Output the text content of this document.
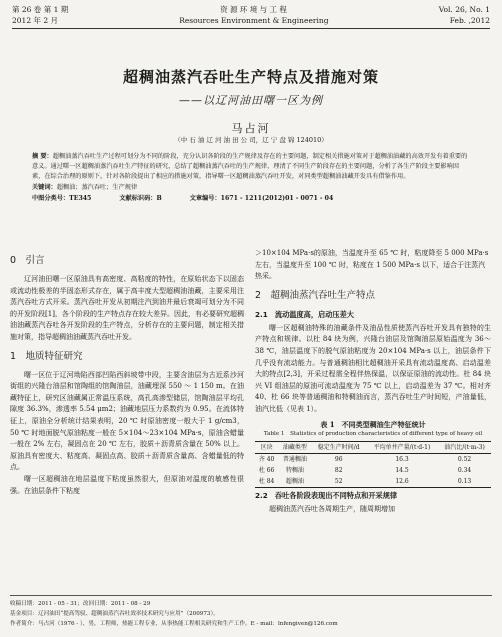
第 26 卷 第 1 期	资 源 环 境 与 工 程	Vol. 26, No. 1
2012 年 2 月	Resources Environment & Engineering	Feb. ,2012
超稠油蒸汽吞吐生产特点及措施对策
——以辽河油田曙一区为例
马占河
（中 石 油 辽 河 油 田 公 司，辽 宁 盘 锦 124010）
摘 要：超稠油蒸汽吞吐生产过程可划分为不同的阶段，充分认识各阶段的生产规律及存在的主要问题，制定相关措施对策对于超稠油油藏的高效开发有着重要的意义。通过曙一区超稠油蒸汽吞吐生产特征的研究，总结了超稠油蒸汽吞吐的生产规律，理清了不同生产阶段存在的主要问题，分析了各生产阶段主要影响因素，在综合治理的原则下，针对各阶段提出了相应的措施对策，指导曙一区超稠油蒸汽吞吐开发，对同类型超稠油油藏开发具有借鉴作用。
关键词：超稠油；蒸汽吞吐；生产规律
中图分类号：TE345	文献标识码：B	文章编号：1671 - 1211(2012)01 - 0071 - 04
0　引言
辽河油田曙一区原油具有高密度、高粘度的特性，在原始状态下以固态或流动性极差的半固态形式存在，属于高丰度大型超稠油油藏，主要采用注蒸汽吞吐方式开采。蒸汽吞吐开发从初期注汽到油井最后衰竭可划分为不同的开发阶段[1]，各个阶段的生产特点存在较大差异。因此，有必要研究超稠油油藏蒸汽吞吐各开发阶段的生产特点，分析存在的主要问题，制定相关措施对策，指导超稠油油藏蒸汽吞吐开发。
1　地质特征研究
曙一区位于辽河坳陷西部凹陷西斜坡带中段，主要含油层为古近系沙河街组的兴隆台油层和馆陶组的馆陶油层，油藏埋深 550 ～ 1 150 m。在油藏特征上，研究区油藏属正常温压系统，高孔高渗型储层，馆陶油层平均孔隙度 36.3%，渗透率 5.54 μm2；油藏地层压力系数约为 0.95。在流体特征上，原油全分析统计结果表明，20 ℃ 时原油密度一般大于 1 g/cm3，50 ℃ 时地面脱气原油粘度一般在 5×104～23×104 MPa·s，原油含蜡量一般在 2% 左右，凝固点在 20 ℃ 左右，胶质＋沥青质含量在 50% 以上。原油具有密度大、粘度高、凝固点高、胶质＋沥青质含量高、含蜡量低的特点。
曙一区超稠油在地层温度下粘度虽然很大，但原油对温度的敏感性很强。在油层条件下粘度
＞10×104 MPa·s的原油，当温度升至 65 ℃ 时，粘度降至 5 000 MPa·s 左右，当温度升至 100 ℃ 时，粘度在 1 500 MPa·s 以下，适合于注蒸汽热采。
2　超稠油蒸汽吞吐生产特点
2.1　流动温度高，启动压差大
曙一区超稠油特殊的油藏条件及油品性质使蒸汽吞吐开发具有独特的生产特点和规律。以杜 84 块为例，兴隆台油层及馆陶油层原始温度为 36～38 ℃，油层温度下的脱气原油粘度为 20×104 MPa·s 以上，油层条件下几乎没有流动能力。与普通稠油相比超稠油开采具有流动温度高、启动温差大的特点[2,3]，开采过程需全程伴热保温，以保证原油的流动性。杜 84 块兴 VI 组油层的原油可流动温度为 75 ℃ 以上，启动温差为 37 ℃。相对齐 40、杜 66 块等普通稠油和特稠油而言，蒸汽吞吐生产时间短，产油量低，油汽比低（见表 1）。
表 1　不同类型稠油生产特征统计
Table 1　Statistics of production characteristics of different type of heavy oil
区块	油藏类型	稳定生产时间/d	平均单井产量/(t·d-1)	油汽比/(t·m-3)
齐 40	普通稠油	96	16.3	0.52
杜 66	特稠油	82	14.5	0.34
杜 84	超稠油	52	12.6	0.13
2.2　吞吐各阶段表现出不同特点和开采规律
超稠油蒸汽吞吐各周期生产，随周期增加
收稿日期：2011 - 05 - 31；改回日期：2011 - 08 - 29
基金项目：辽河油田“提高驾驭、超稠油蒸汽吞吐效率技术研究与应用”（200973）。
作者简介：马占河（1976 - ），男，工程师，热能工程专业，从事热能工程相关研究和生产工作。E - mail：lnfengiven@126.com
